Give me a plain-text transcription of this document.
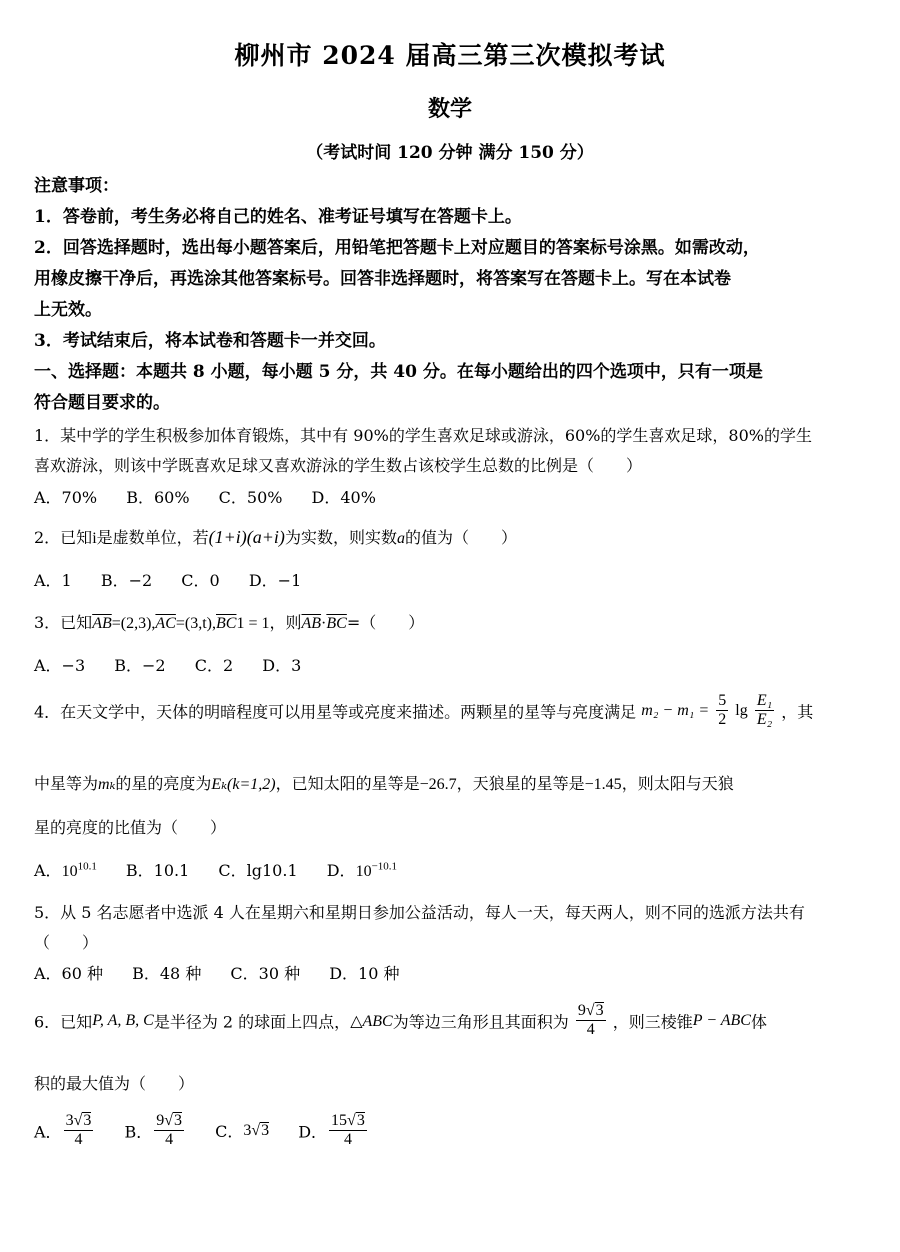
柳州市 2024 届高三第三次模拟考试
数学
（考试时间 120 分钟 满分 150 分）
注意事项：
1．答卷前，考生务必将自己的姓名、准考证号填写在答题卡上。
2．回答选择题时，选出每小题答案后，用铅笔把答题卡上对应题目的答案标号涂黑。如需改动，
用橡皮擦干净后，再选涂其他答案标号。回答非选择题时，将答案写在答题卡上。写在本试卷
上无效。
3．考试结束后，将本试卷和答题卡一并交回。
一、选择题：本题共 8 小题，每小题 5 分，共 40 分。在每小题给出的四个选项中，只有一项是
符合题目要求的。
1．某中学的学生积极参加体育锻炼，其中有 90%的学生喜欢足球或游泳，60%的学生喜欢足球，80%的学生
喜欢游泳，则该中学既喜欢足球又喜欢游泳的学生数占该校学生总数的比例是（　　）
A．70% B．60% C．50% D．40%
2．已知i是虚数单位，若(1+i)(a+i)为实数，则实数a的值为（　　）
A．1 B．−2 C．0 D．−1
3．已知$\overline{AB}=(2,3),\overline{AC}=(3,t),\overline{BC}1 = 1$，则$\overline{AB}\cdot\overline{BC}=$（　　）
A．−3 B．−2 C．2 D．3
4．在天文学中，天体的明暗程度可以用星等或亮度来描述。两颗星的星等与亮度满足 $m_2 - m_1 = \frac{5}{2}$ $\lg \frac{\text{E₁}}{\text{E₂}}$ ，其
中星等为mₖ的星的亮度为Eₖ(k=1,2)，已知太阳的星等是−26.7，天狼星的星等是−1.45，则太阳与天狼
星的亮度的比值为（　　）
A．$10^{10.1}$ B．10.1 C．lg10.1 D．$10^{-10.1}$
5．从 5 名志愿者中选派 4 人在星期六和星期日参加公益活动，每人一天，每天两人，则不同的选派方法共有
（　　）
A．60 种 B．48 种 C．30 种 D．10 种
6．已知P, A, B, C是半径为 2 的球面上四点，△ABC为等边三角形且其面积为 $\frac{9√3}{4}$ ，则三棱锥P − ABC体
积的最大值为（　　）
A． $\frac{3√3}{4}$ B． $\frac{9√3}{4}$ C．3√3 D． $\frac{15√3}{4}$
